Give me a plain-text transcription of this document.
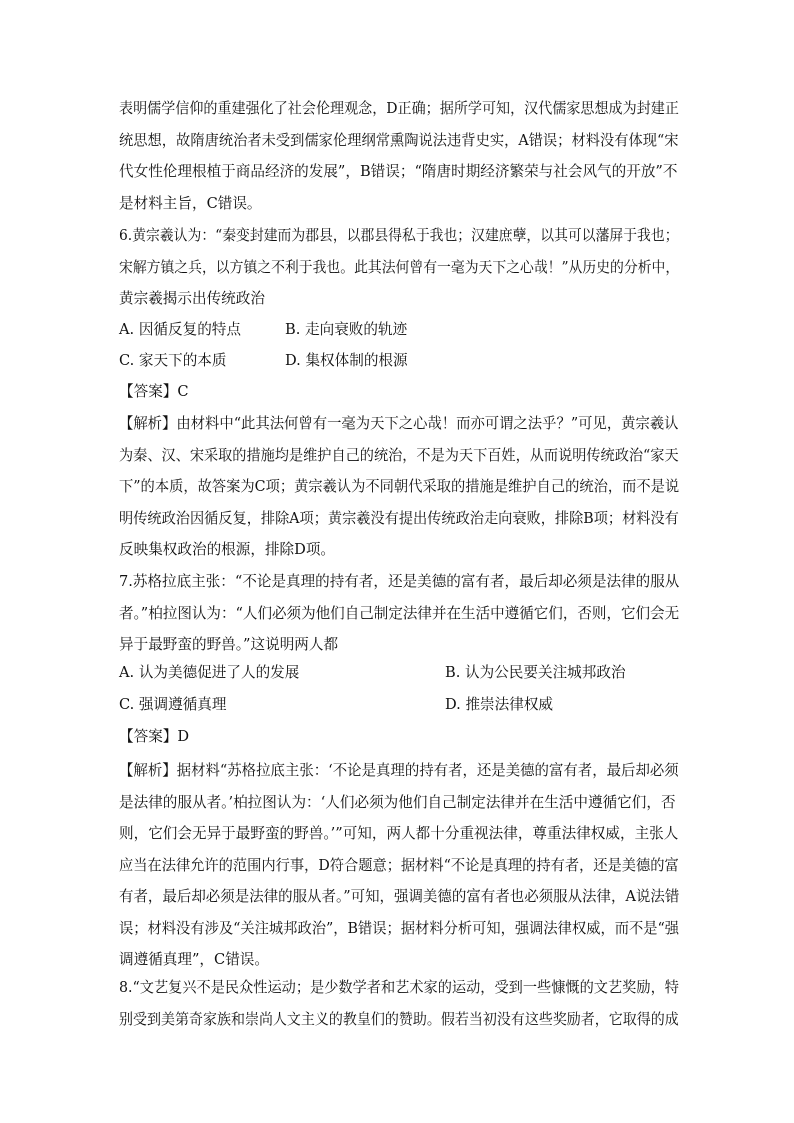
表明儒学信仰的重建强化了社会伦理观念，D正确；据所学可知，汉代儒家思想成为封建正
统思想，故隋唐统治者未受到儒家伦理纲常熏陶说法违背史实，A错误；材料没有体现“宋
代女性伦理根植于商品经济的发展”，B错误；“隋唐时期经济繁荣与社会风气的开放”不
是材料主旨，C错误。
6.黄宗羲认为：“秦变封建而为郡县，以郡县得私于我也；汉建庶孽，以其可以藩屏于我也；
宋解方镇之兵，以方镇之不利于我也。此其法何曾有一毫为天下之心哉！”从历史的分析中，
黄宗羲揭示出传统政治
A. 因循反复的特点	B. 走向衰败的轨迹
C. 家天下的本质	D. 集权体制的根源
【答案】C
【解析】由材料中“此其法何曾有一毫为天下之心哉！而亦可谓之法乎？”可见，黄宗羲认
为秦、汉、宋采取的措施均是维护自己的统治，不是为天下百姓，从而说明传统政治“家天
下”的本质，故答案为C项；黄宗羲认为不同朝代采取的措施是维护自己的统治，而不是说
明传统政治因循反复，排除A项；黄宗羲没有提出传统政治走向衰败，排除B项；材料没有
反映集权政治的根源，排除D项。
7.苏格拉底主张：“不论是真理的持有者，还是美德的富有者，最后却必须是法律的服从
者。”柏拉图认为：“人们必须为他们自己制定法律并在生活中遵循它们，否则，它们会无
异于最野蛮的野兽。”这说明两人都
A. 认为美德促进了人的发展	B. 认为公民要关注城邦政治
C. 强调遵循真理	D. 推崇法律权威
【答案】D
【解析】据材料“苏格拉底主张：‘不论是真理的持有者，还是美德的富有者，最后却必须
是法律的服从者。’柏拉图认为：‘人们必须为他们自己制定法律并在生活中遵循它们，否
则，它们会无异于最野蛮的野兽。’”可知，两人都十分重视法律，尊重法律权威，主张人
应当在法律允许的范围内行事，D符合题意；据材料“不论是真理的持有者，还是美德的富
有者，最后却必须是法律的服从者。”可知，强调美德的富有者也必须服从法律，A说法错
误；材料没有涉及“关注城邦政治”，B错误；据材料分析可知，强调法律权威，而不是“强
调遵循真理”，C错误。
8.“文艺复兴不是民众性运动；是少数学者和艺术家的运动，受到一些慷慨的文艺奖励，特
别受到美第奇家族和崇尚人文主义的教皇们的赞助。假若当初没有这些奖励者，它取得的成
